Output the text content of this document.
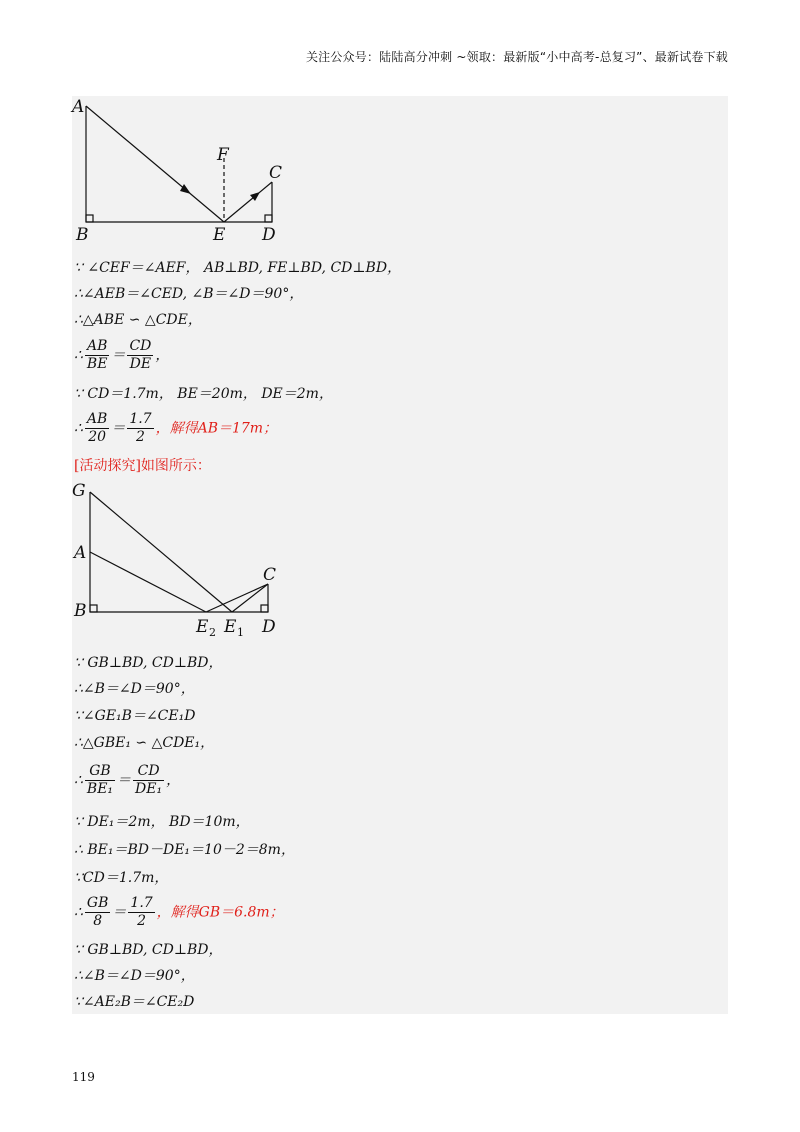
关注公众号：陆陆高分冲刺 ~领取：最新版“小中高考-总复习”、最新试卷下载
A
F
C
B	E D
∵ ∠CEF＝∠AEF， AB⊥BD, FE⊥BD, CD⊥BD，
∴∠AEB＝∠CED, ∠B＝∠D＝90°，
∴△ABE ∽ △CDE，
∴ $\frac{AB}{BE} = \frac{CD}{DE}$ ，
∵ CD＝1.7m， BE＝20m， DE＝2m，
∴ $\frac{AB}{20} = \frac{1.7}{2}$ ，解得AB＝17m；
[活动探究]如图所示：
G
A
C
B
E 2 E 1 D
∵ GB⊥BD, CD⊥BD，
∴∠B＝∠D＝90°，
∵∠GE₁B＝∠CE₁D
∴△GBE₁ ∽ △CDE₁，
∴ $\frac{GB}{\text{BE₁}} = \frac{CD}{\text{DE₁}}$ ，
∵ DE₁＝2m， BD＝10m，
∴ BE₁＝BD－DE₁＝10－2＝8m，
∵CD＝1.7m，
∴ $\frac{GB}{8} = \frac{1.7}{2}$ ，解得GB＝6.8m；
∵ GB⊥BD, CD⊥BD，
∴∠B＝∠D＝90°，
∵∠AE₂B＝∠CE₂D
119
